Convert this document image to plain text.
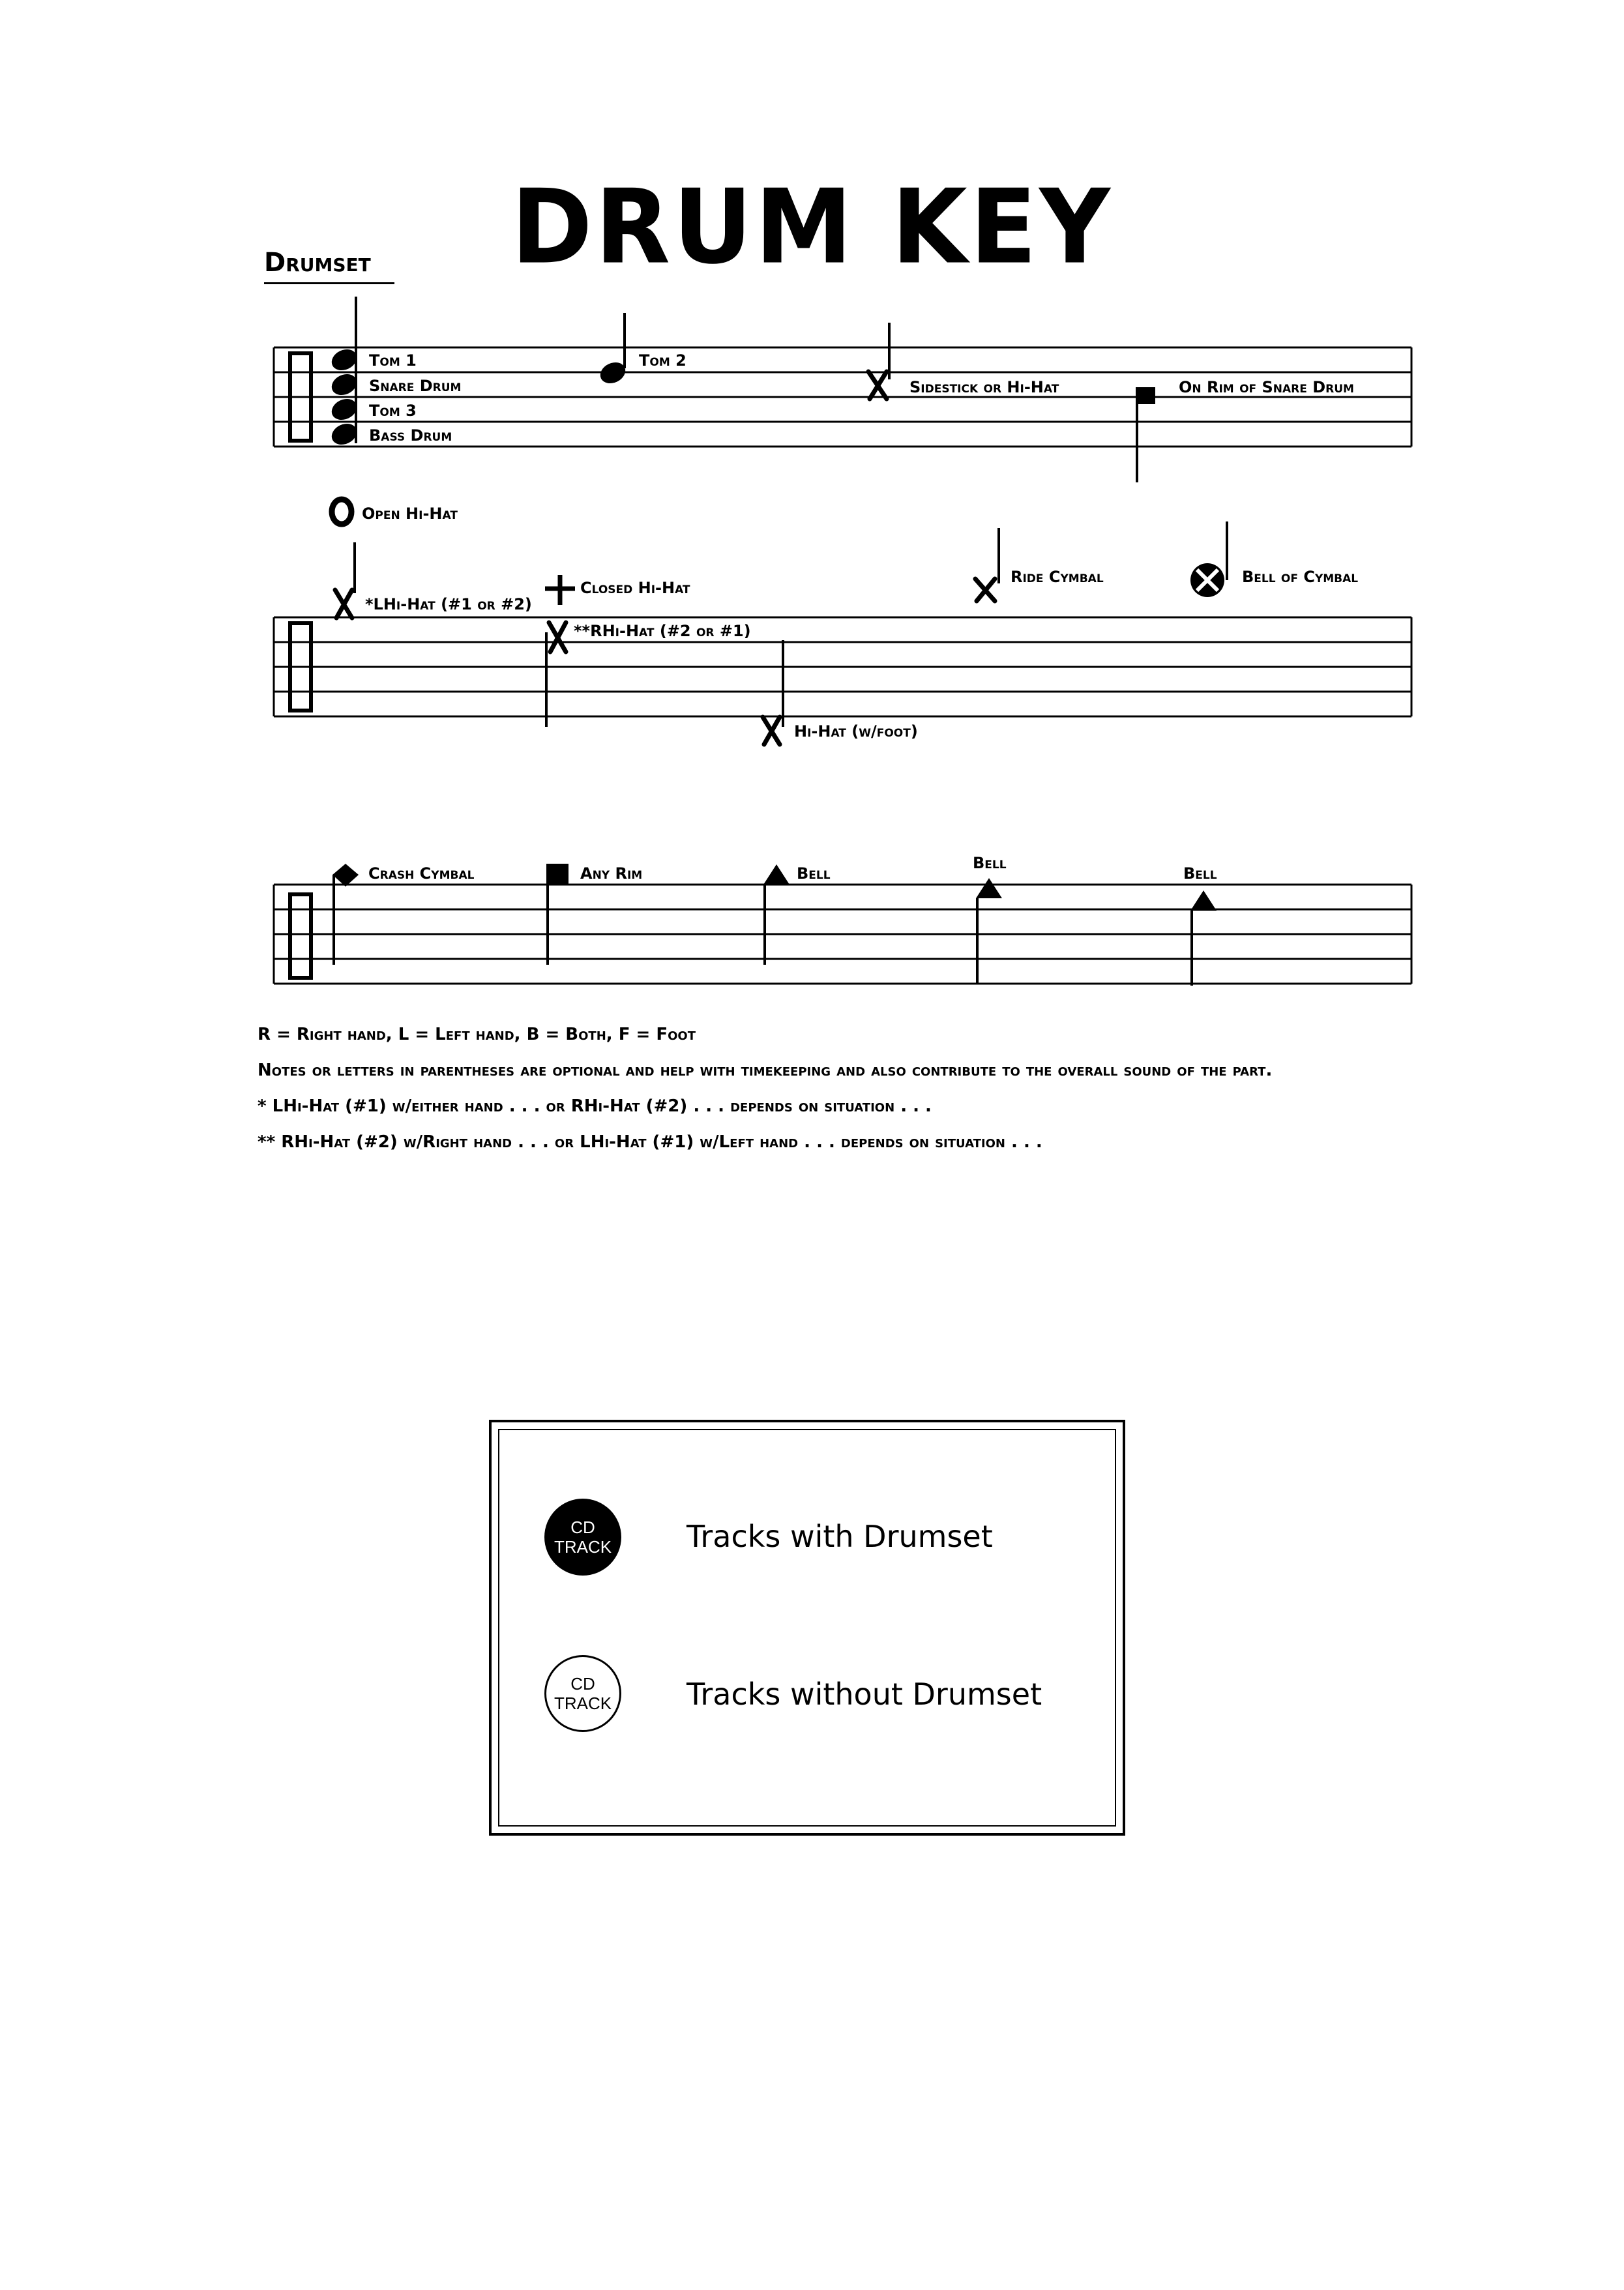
DRUM KEY
Drumset
Tom 1
Snare Drum
Tom 3
Bass Drum
Tom 2
Sidestick or Hi-Hat	On Rim of Snare Drum
Open Hi-Hat
*LHi-Hat (#1 or #2)
Closed Hi-Hat
**RHi-Hat (#2 or #1)
Hi-Hat (w/foot)
Ride Cymbal	Bell of Cymbal
Crash Cymbal	Any Rim	Bell
Bell
Bell
R = Right hand, L = Left hand, B = Both, F = Foot
Notes or letters in parentheses are optional and help with timekeeping and also contribute to the overall sound of the part.
* LHi-Hat (#1) w/either hand . . . or RHi-Hat (#2) . . . depends on situation . . .
** RHi-Hat (#2) w/Right hand . . . or LHi-Hat (#1) w/Left hand . . . depends on situation . . .
CD
TRACK Tracks with Drumset
CD
TRACK Tracks without Drumset
